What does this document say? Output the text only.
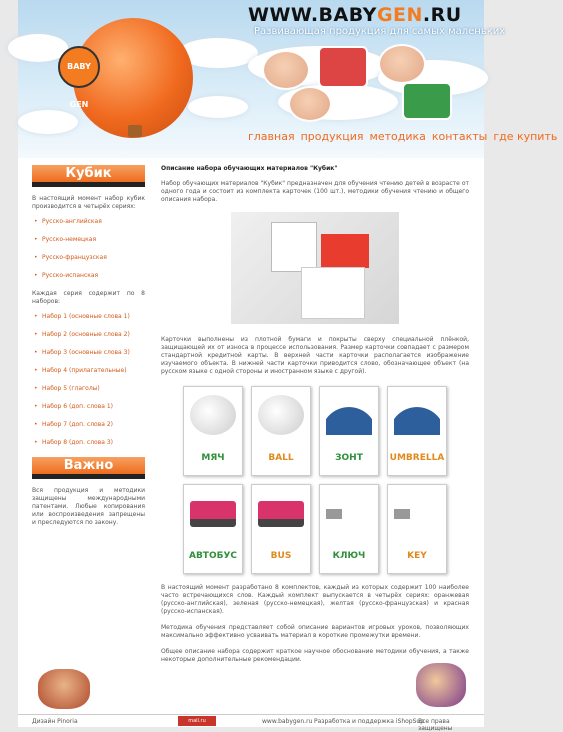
BABY GEN
WWW.BABYGEN.RU
Развивающая продукция для самых маленьких
главная продукция методика контакты где купить
Кубик

В настоящий момент набор кубик производится в четырёх сериях:

• Русско-английская
• Русско-немецкая
• Русско-французская
• Русско-испанская

Каждая серия содержит по 8 наборов:

• Набор 1 (основные слова 1)
• Набор 2 (основные слова 2)
• Набор 3 (основные слова 3)
• Набор 4 (прилагательные)
• Набор 5 (глаголы)
• Набор 6 (доп. слова 1)
• Набор 7 (доп. слова 2)
• Набор 8 (доп. слова 3)
Важно

Вся продукция и методики защищены международными патентами. Любые копирования или воспроизведения запрещены и преследуются по закону.

Описание набора обучающих материалов "Кубик"

Набор обучающих материалов "Кубик" предназначен для обучения чтению детей в возрасте от одного года и состоит из комплекта карточек (100 шт.), методики обучения чтению и общего описания набора.

Карточки выполнены из плотной бумаги и покрыты сверху специальной плёнкой, защищающей их от износа в процессе использования. Размер карточки совпадает с размером стандартной кредитной карты. В верхней части карточки располагается изображение изучаемого объекта. В нижней части карточки приводится слово, обозначающее объект (на русском языке с одной стороны и иностранном языке с другой).

МЯЧ	BALL	ЗОНТ	UMBRELLA
АВТОБУС	BUS	КЛЮЧ	KEY

В настоящий момент разработано 8 комплектов, каждый из которых содержит 100 наиболее часто встречающихся слов. Каждый комплект выпускается в четырёх сериях: оранжевая (русско-английская), зеленая (русско-немецкая), желтая (русско-французская) и красная (русско-испанская).

Методика обучения представляет собой описание вариантов игровых уроков, позволяющих максимально эффективно усваивать материал в короткие промежутки времени.

Общее описание набора содержит краткое научное обоснование методики обучения, а также некоторые дополнительные рекомендации.

Дизайн Pinoria	mail.ru	www.babygen.ru Разработка и поддержка iShopSup
Все права защищены
